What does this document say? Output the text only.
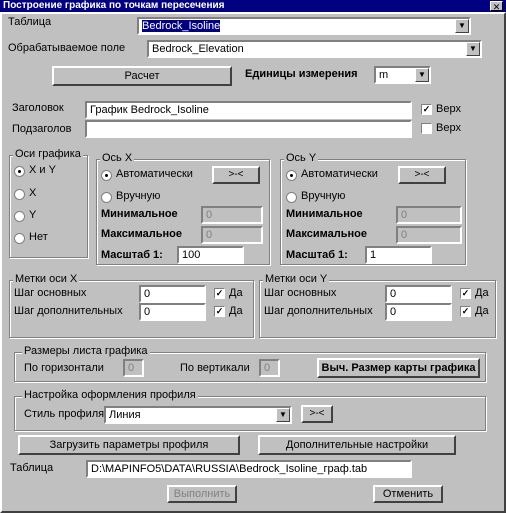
Построение графика по точкам пересечения	✕
Таблица	Bedrock_Isoline	▼
Обрабатываемое поле	Bedrock_Elevation	▼
Расчет	Единицы измерения	m	▼
Заголовок	График Bedrock_Isoline	✓ Верх
Подзаголов	Верх
Оси графика
X и Y
X
Y
Нет
Ось X
Автоматически	>-<
Вручную
Минимальное	0
Максимальное	0
Масштаб 1:	100
Ось Y
Автоматически	>-<
Вручную
Минимальное	0
Максимальное	0
Масштаб 1:	1
Метки оси X
Шаг основных	0	✓ Да
Шаг дополнительных	0	✓ Да
Метки оси Y
Шаг основных	0	✓ Да
Шаг дополнительных	0	✓ Да
Размеры листа графика
По горизонтали	0	По вертикали	0	Выч. Размер карты графика
Настройка оформления профиля
Стиль профиля Линия	▼	>-<
Загрузить параметры профиля	Дополнительные настройки
Таблица	D:\MAPINFO5\DATA\RUSSIA\Bedrock_Isoline_граф.tab
Выполнить	Отменить
